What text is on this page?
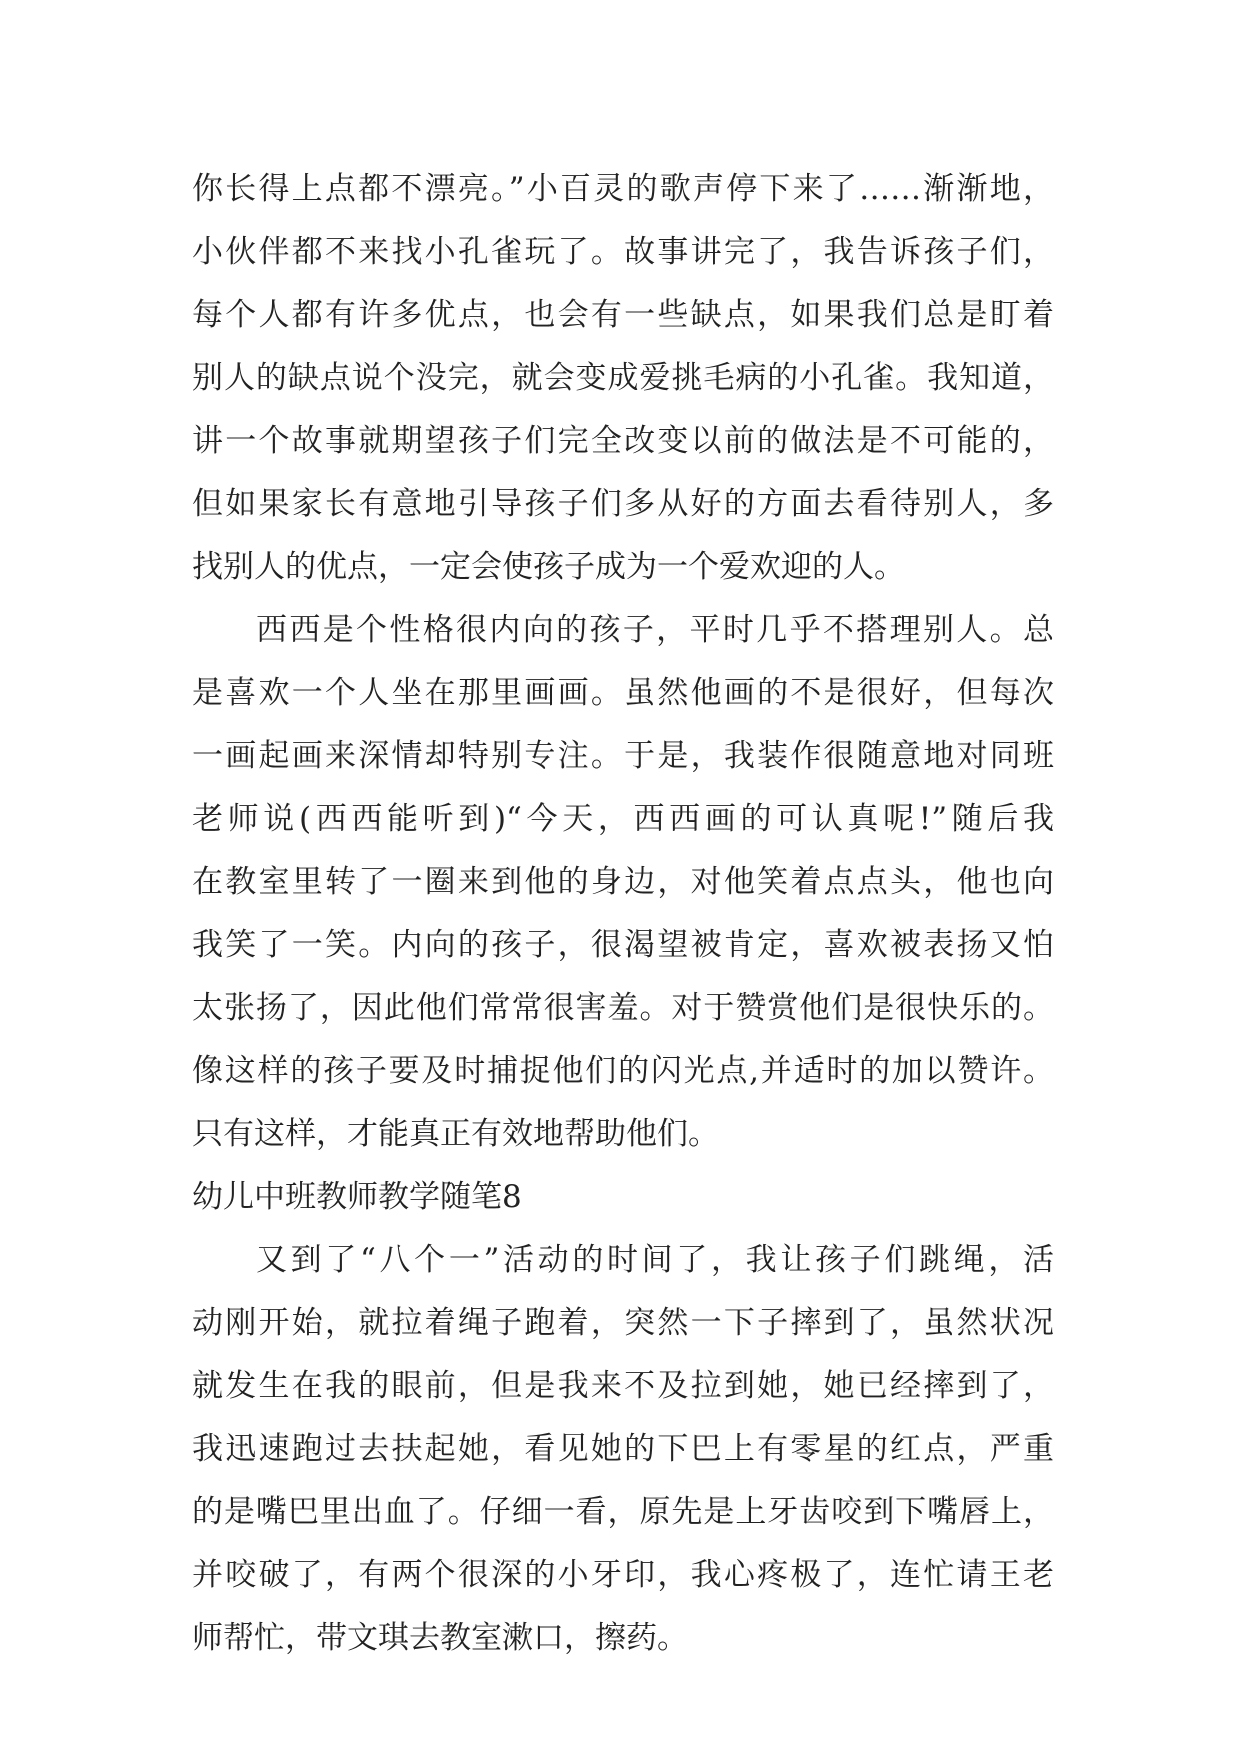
你长得上点都不漂亮。”小百灵的歌声停下来了……渐渐地，
小伙伴都不来找小孔雀玩了。故事讲完了，我告诉孩子们，
每个人都有许多优点，也会有一些缺点，如果我们总是盯着
别人的缺点说个没完，就会变成爱挑毛病的小孔雀。我知道，
讲一个故事就期望孩子们完全改变以前的做法是不可能的，
但如果家长有意地引导孩子们多从好的方面去看待别人，多
找别人的优点，一定会使孩子成为一个爱欢迎的人。
西西是个性格很内向的孩子，平时几乎不搭理别人。总
是喜欢一个人坐在那里画画。虽然他画的不是很好，但每次
一画起画来深情却特别专注。于是，我装作很随意地对同班
老师说(西西能听到)“今天，西西画的可认真呢!”随后我
在教室里转了一圈来到他的身边，对他笑着点点头，他也向
我笑了一笑。内向的孩子，很渴望被肯定，喜欢被表扬又怕
太张扬了，因此他们常常很害羞。对于赞赏他们是很快乐的。
像这样的孩子要及时捕捉他们的闪光点,并适时的加以赞许。
只有这样，才能真正有效地帮助他们。
幼儿中班教师教学随笔8
又到了“八个一”活动的时间了，我让孩子们跳绳，活
动刚开始，就拉着绳子跑着，突然一下子摔到了，虽然状况
就发生在我的眼前，但是我来不及拉到她，她已经摔到了，
我迅速跑过去扶起她，看见她的下巴上有零星的红点，严重
的是嘴巴里出血了。仔细一看，原先是上牙齿咬到下嘴唇上，
并咬破了，有两个很深的小牙印，我心疼极了，连忙请王老
师帮忙，带文琪去教室漱口，擦药。
